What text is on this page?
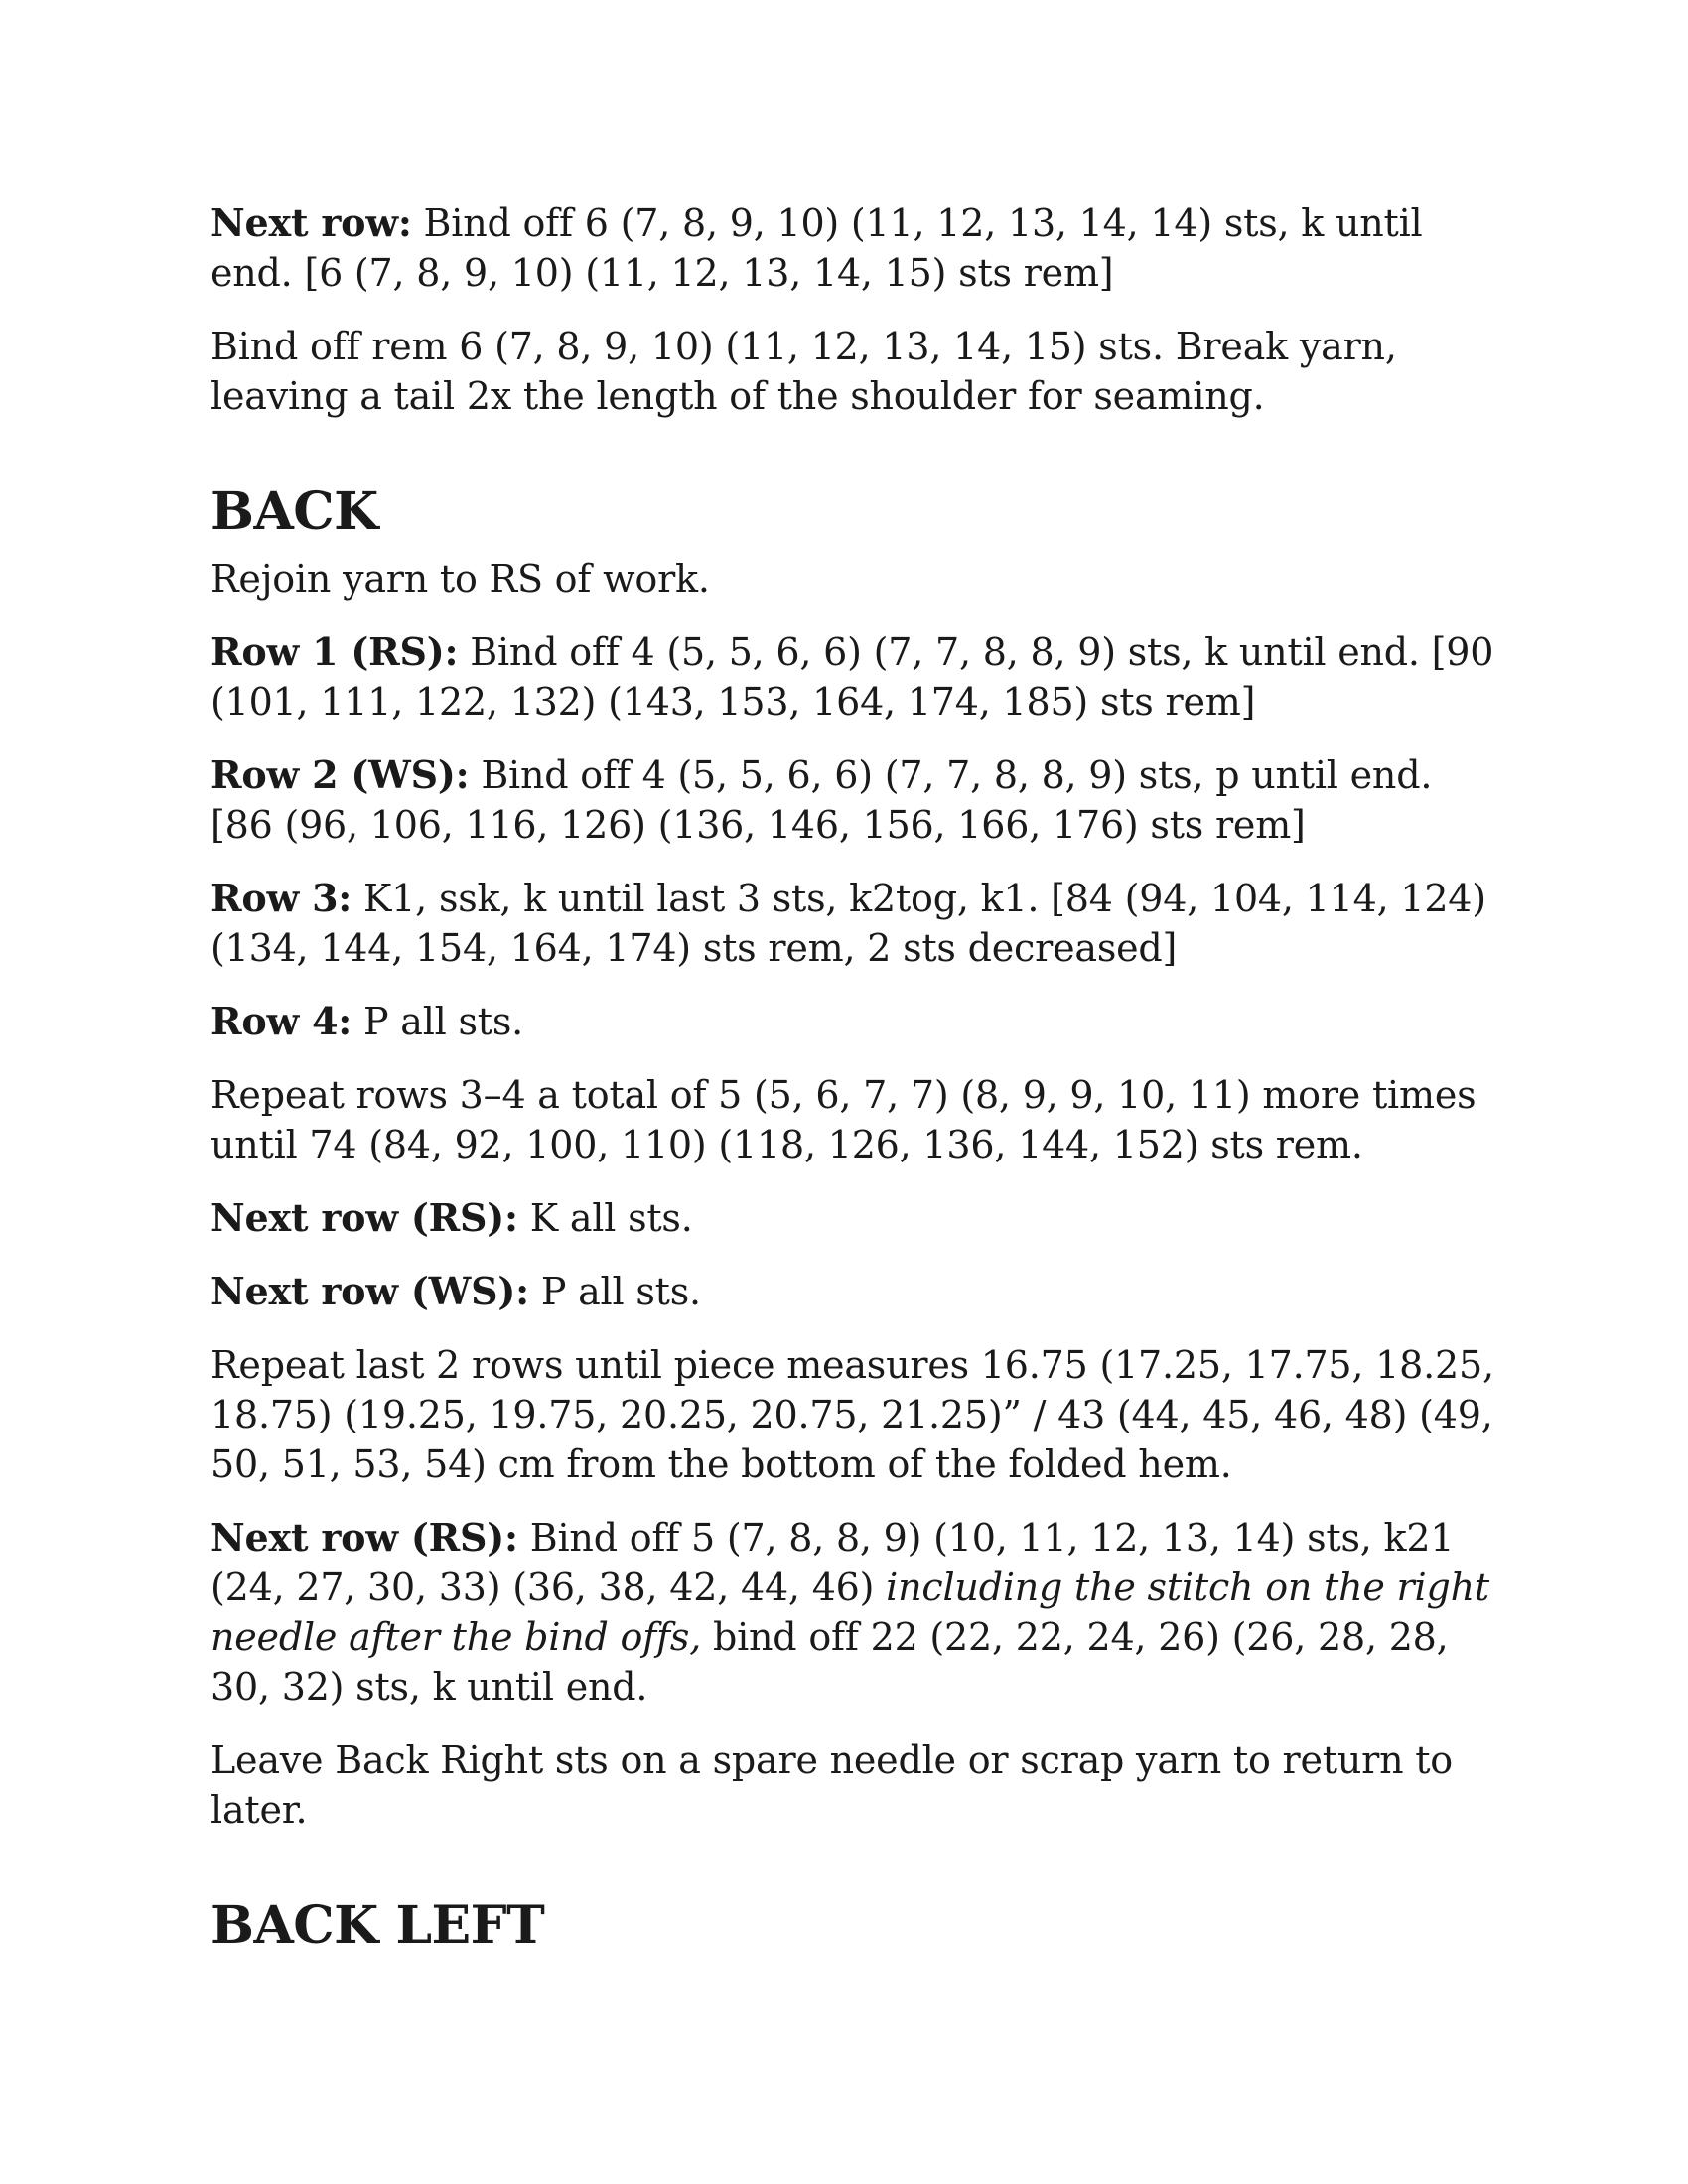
Next row: Bind off 6 (7, 8, 9, 10) (11, 12, 13, 14, 14) sts, k until end. [6 (7, 8, 9, 10) (11, 12, 13, 14, 15) sts rem]

Bind off rem 6 (7, 8, 9, 10) (11, 12, 13, 14, 15) sts. Break yarn, leaving a tail 2x the length of the shoulder for seaming.

BACK

Rejoin yarn to RS of work.

Row 1 (RS): Bind off 4 (5, 5, 6, 6) (7, 7, 8, 8, 9) sts, k until end. [90 (101, 111, 122, 132) (143, 153, 164, 174, 185) sts rem]

Row 2 (WS): Bind off 4 (5, 5, 6, 6) (7, 7, 8, 8, 9) sts, p until end. [86 (96, 106, 116, 126) (136, 146, 156, 166, 176) sts rem]

Row 3: K1, ssk, k until last 3 sts, k2tog, k1. [84 (94, 104, 114, 124) (134, 144, 154, 164, 174) sts rem, 2 sts decreased]

Row 4: P all sts.

Repeat rows 3–4 a total of 5 (5, 6, 7, 7) (8, 9, 9, 10, 11) more times until 74 (84, 92, 100, 110) (118, 126, 136, 144, 152) sts rem.

Next row (RS): K all sts.

Next row (WS): P all sts.

Repeat last 2 rows until piece measures 16.75 (17.25, 17.75, 18.25, 18.75) (19.25, 19.75, 20.25, 20.75, 21.25)” / 43 (44, 45, 46, 48) (49, 50, 51, 53, 54) cm from the bottom of the folded hem.

Next row (RS): Bind off 5 (7, 8, 8, 9) (10, 11, 12, 13, 14) sts, k21 (24, 27, 30, 33) (36, 38, 42, 44, 46) including the stitch on the right needle after the bind offs, bind off 22 (22, 22, 24, 26) (26, 28, 28, 30, 32) sts, k until end.

Leave Back Right sts on a spare needle or scrap yarn to return to later.

BACK LEFT
